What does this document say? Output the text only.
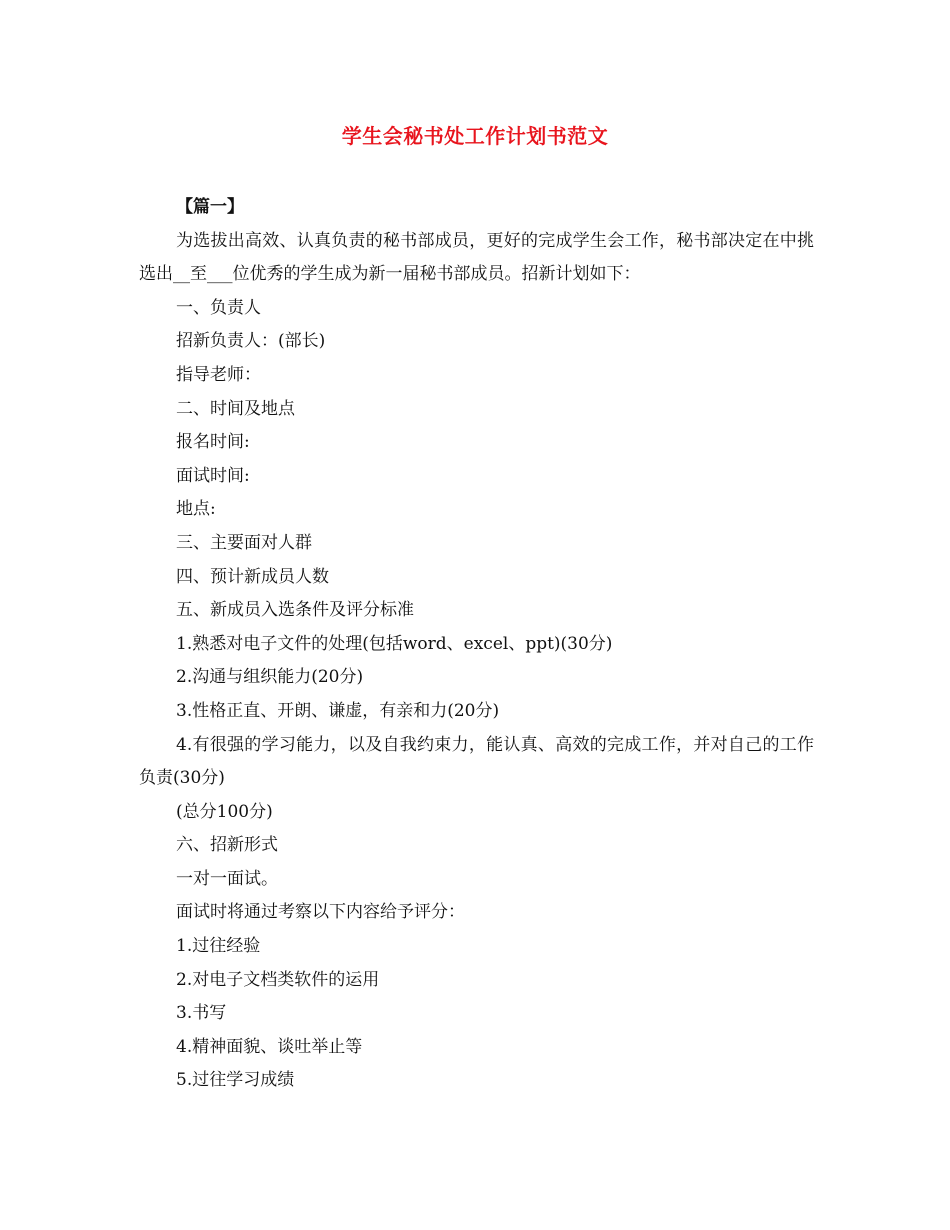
学生会秘书处工作计划书范文

【篇一】

为选拔出高效、认真负责的秘书部成员，更好的完成学生会工作，秘书部决定在中挑选出__至___位优秀的学生成为新一届秘书部成员。招新计划如下：

一、负责人

招新负责人：(部长)

指导老师：

二、时间及地点

报名时间:

面试时间:

地点:

三、主要面对人群

四、预计新成员人数

五、新成员入选条件及评分标准

1.熟悉对电子文件的处理(包括word、excel、ppt)(30分)

2.沟通与组织能力(20分)

3.性格正直、开朗、谦虚，有亲和力(20分)

4.有很强的学习能力，以及自我约束力，能认真、高效的完成工作，并对自己的工作负责(30分)

(总分100分)

六、招新形式

一对一面试。

面试时将通过考察以下内容给予评分：

1.过往经验

2.对电子文档类软件的运用

3.书写

4.精神面貌、谈吐举止等

5.过往学习成绩
